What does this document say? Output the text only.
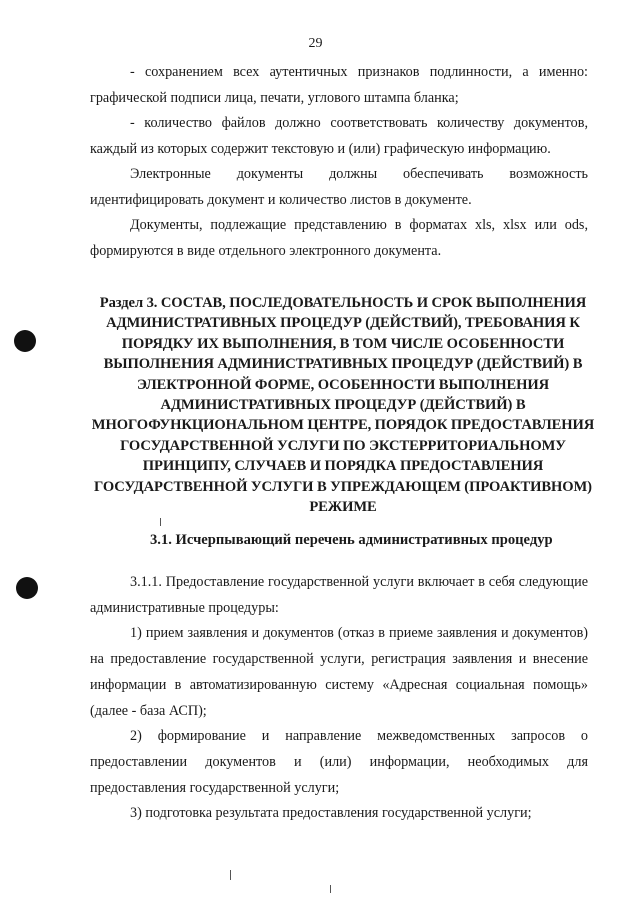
29

- сохранением всех аутентичных признаков подлинности, а именно: графической подписи лица, печати, углового штампа бланка;

- количество файлов должно соответствовать количеству документов, каждый из которых содержит текстовую и (или) графическую информацию.

Электронные документы должны обеспечивать возможность идентифицировать документ и количество листов в документе.

Документы, подлежащие представлению в форматах xls, xlsx или ods, формируются в виде отдельного электронного документа.

Раздел 3. СОСТАВ, ПОСЛЕДОВАТЕЛЬНОСТЬ И СРОК ВЫПОЛНЕНИЯ АДМИНИСТРАТИВНЫХ ПРОЦЕДУР (ДЕЙСТВИЙ), ТРЕБОВАНИЯ К ПОРЯДКУ ИХ ВЫПОЛНЕНИЯ, В ТОМ ЧИСЛЕ ОСОБЕННОСТИ ВЫПОЛНЕНИЯ АДМИНИСТРАТИВНЫХ ПРОЦЕДУР (ДЕЙСТВИЙ) В ЭЛЕКТРОННОЙ ФОРМЕ, ОСОБЕННОСТИ ВЫПОЛНЕНИЯ АДМИНИСТРАТИВНЫХ ПРОЦЕДУР (ДЕЙСТВИЙ) В МНОГОФУНКЦИОНАЛЬНОМ ЦЕНТРЕ, ПОРЯДОК ПРЕДОСТАВЛЕНИЯ ГОСУДАРСТВЕННОЙ УСЛУГИ ПО ЭКСТЕРРИТОРИАЛЬНОМУ ПРИНЦИПУ, СЛУЧАЕВ И ПОРЯДКА ПРЕДОСТАВЛЕНИЯ ГОСУДАРСТВЕННОЙ УСЛУГИ В УПРЕЖДАЮЩЕМ (ПРОАКТИВНОМ) РЕЖИМЕ

3.1. Исчерпывающий перечень административных процедур

3.1.1. Предоставление государственной услуги включает в себя следующие административные процедуры:

1) прием заявления и документов (отказ в приеме заявления и документов) на предоставление государственной услуги, регистрация заявления и внесение информации в автоматизированную систему «Адресная социальная помощь» (далее - база АСП);

2) формирование и направление межведомственных запросов о предоставлении документов и (или) информации, необходимых для предоставления государственной услуги;

3) подготовка результата предоставления государственной услуги;
